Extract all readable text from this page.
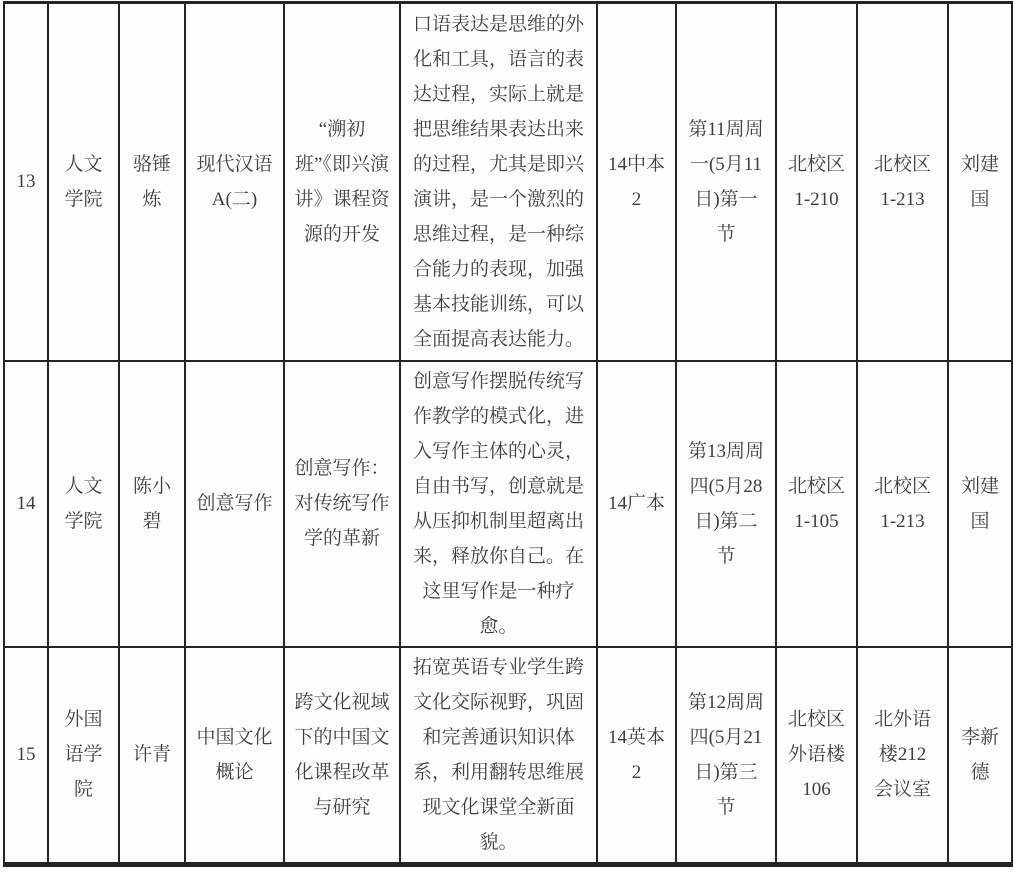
13	人文学院	骆锤炼	现代汉语A(二)	“溯初班”《即兴演讲》课程资源的开发	口语表达是思维的外化和工具，语言的表达过程，实际上就是把思维结果表达出来的过程，尤其是即兴演讲，是一个激烈的思维过程，是一种综合能力的表现，加强基本技能训练，可以全面提高表达能力。	14中本2	第11周周一(5月11日)第一节	北校区1-210	北校区1-213	刘建国
14	人文学院	陈小碧	创意写作	创意写作：对传统写作学的革新	创意写作摆脱传统写作教学的模式化，进入写作主体的心灵，自由书写，创意就是从压抑机制里超离出来，释放你自己。在这里写作是一种疗愈。	14广本	第13周周四(5月28日)第二节	北校区1-105	北校区1-213	刘建国
15	外国语学院	许青	中国文化概论	跨文化视域下的中国文化课程改革与研究	拓宽英语专业学生跨文化交际视野，巩固和完善通识知识体系，利用翻转思维展现文化课堂全新面貌。	14英本2	第12周周四(5月21日)第三节	北校区外语楼106	北外语楼212会议室	李新德
